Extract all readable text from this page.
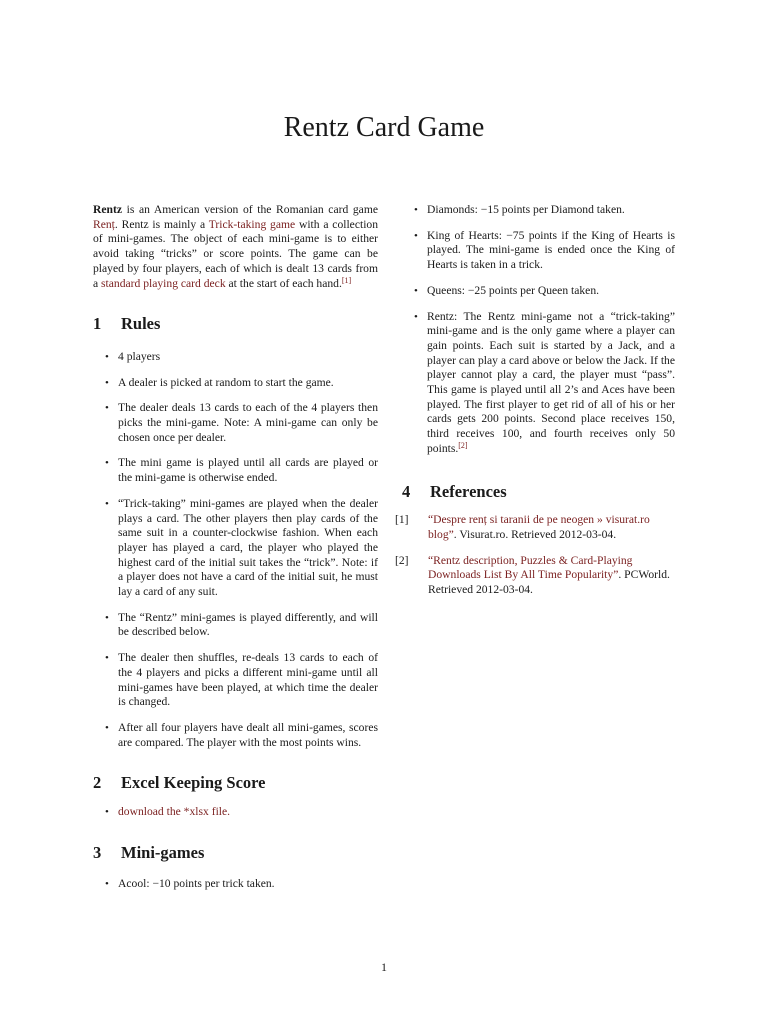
Rentz Card Game

Rentz is an American version of the Romanian card game Renț. Rentz is mainly a Trick-taking game with a collection of mini-games. The object of each mini-game is to either avoid taking “tricks” or score points. The game can be played by four players, each of which is dealt 13 cards from a standard playing card deck at the start of each hand.[1]

1 Rules
• 4 players
• A dealer is picked at random to start the game.
• The dealer deals 13 cards to each of the 4 players then picks the mini-game. Note: A mini-game can only be chosen once per dealer.
• The mini game is played until all cards are played or the mini-game is otherwise ended.
• “Trick-taking” mini-games are played when the dealer plays a card. The other players then play cards of the same suit in a counter-clockwise fashion. When each player has played a card, the player who played the highest card of the initial suit takes the “trick”. Note: if a player does not have a card of the initial suit, he must lay a card of any suit.
• The “Rentz” mini-games is played differently, and will be described below.
• The dealer then shuffles, re-deals 13 cards to each of the 4 players and picks a different mini-game until all mini-games have been played, at which time the dealer is changed.
• After all four players have dealt all mini-games, scores are compared. The player with the most points wins.
2 Excel Keeping Score
• download the *xlsx file.
3 Mini-games
• Acool: −10 points per trick taken.
• Diamonds: −15 points per Diamond taken.
• King of Hearts: −75 points if the King of Hearts is played. The mini-game is ended once the King of Hearts is taken in a trick.
• Queens: −25 points per Queen taken.
• Rentz: The Rentz mini-game not a “trick-taking” mini-game and is the only game where a player can gain points. Each suit is started by a Jack, and a player can play a card above or below the Jack. If the player cannot play a card, the player must “pass”. This game is played until all 2’s and Aces have been played. The first player to get rid of all of his or her cards gets 200 points. Second place receives 150, third receives 100, and fourth receives only 50 points.[2]
4 References
[1] “Despre renț si taranii de pe neogen » visurat.ro blog”. Visurat.ro. Retrieved 2012-03-04.
[2] “Rentz description, Puzzles & Card-Playing Downloads List By All Time Popularity”. PCWorld. Retrieved 2012-03-04.
1
